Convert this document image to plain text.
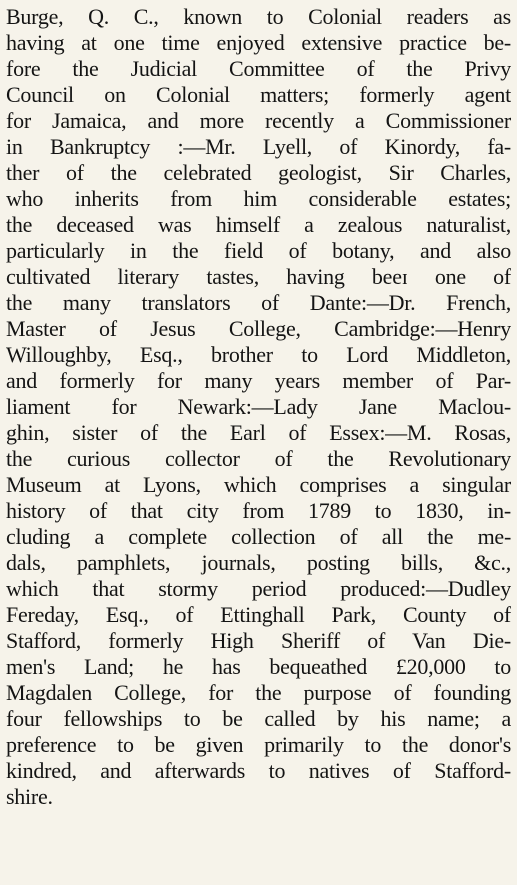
Burge, Q. C., known to Colonial readers as
having at one time enjoyed extensive practice be-
fore the Judicial Committee of the Privy
Council on Colonial matters; formerly agent
for Jamaica, and more recently a Commissioner
in Bankruptcy :—Mr. Lyell, of Kinordy, fa-
ther of the celebrated geologist, Sir Charles,
who inherits from him considerable estates;
the deceased was himself a zealous naturalist,
particularly in the field of botany, and also
cultivated literary tastes, having beeɪ one of
the many translators of Dante:—Dr. French,
Master of Jesus College, Cambridge:—Henry
Willoughby, Esq., brother to Lord Middleton,
and formerly for many years member of Par-
liament for Newark:—Lady Jane Maclou-
ghin, sister of the Earl of Essex:—M. Rosas,
the curious collector of the Revolutionary
Museum at Lyons, which comprises a singular
history of that city from 1789 to 1830, in-
cluding a complete collection of all the me-
dals, pamphlets, journals, posting bills, &c.,
which that stormy period produced:—Dudley
Fereday, Esq., of Ettinghall Park, County of
Stafford, formerly High Sheriff of Van Die-
men's Land; he has bequeathed £20,000 to
Magdalen College, for the purpose of founding
four fellowships to be called by his name; a
preference to be given primarily to the donor's
kindred, and afterwards to natives of Stafford-
shire.
